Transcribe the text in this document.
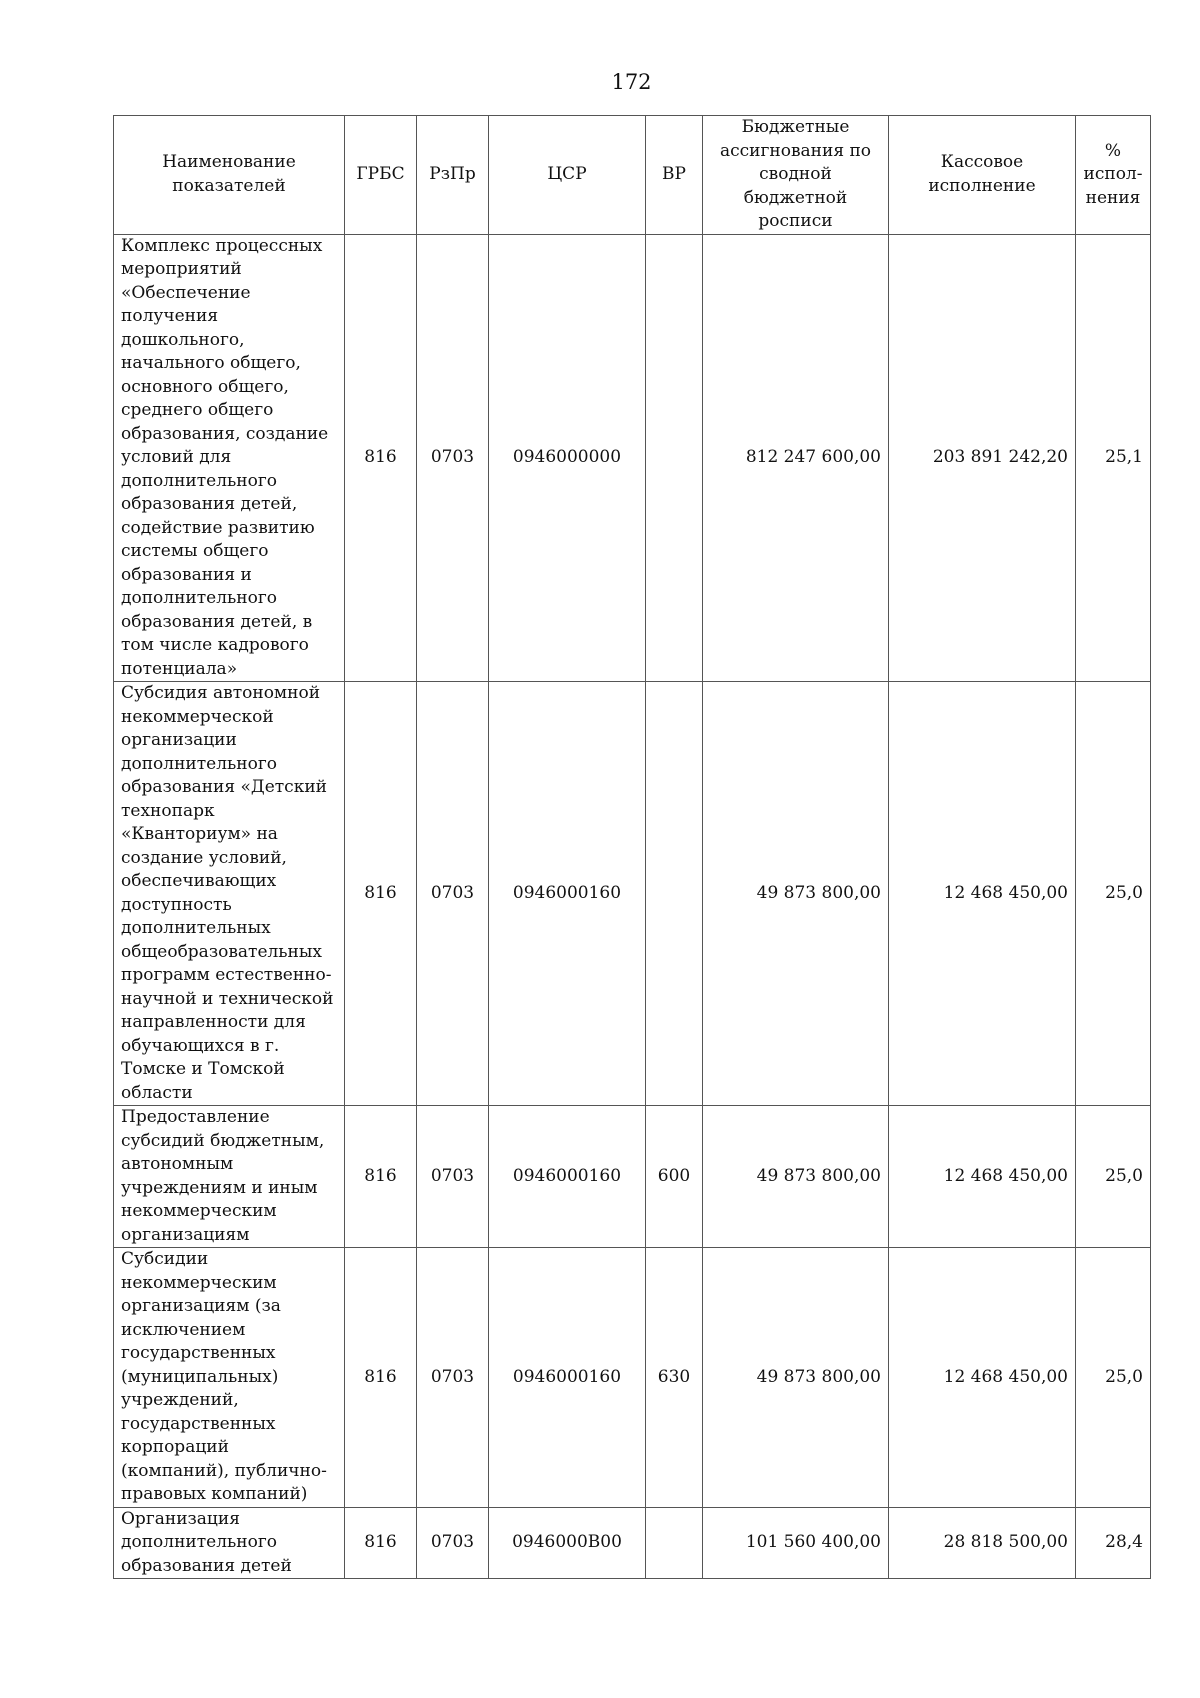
172
Наименование показателей	ГРБС	РзПр	ЦСР	ВР	Бюджетные ассигнования по сводной бюджетной росписи	Кассовое исполнение	% испол-нения
Комплекс процессных мероприятий «Обеспечение получения дошкольного, начального общего, основного общего, среднего общего образования, создание условий для дополнительного образования детей, содействие развитию системы общего образования и дополнительного образования детей, в том числе кадрового потенциала»	816	0703	0946000000		812 247 600,00	203 891 242,20	25,1
Субсидия автономной некоммерческой организации дополнительного образования «Детский технопарк «Кванториум» на создание условий, обеспечивающих доступность дополнительных общеобразовательных программ естественно-научной и технической направленности для обучающихся в г. Томске и Томской области	816	0703	0946000160		49 873 800,00	12 468 450,00	25,0
Предоставление субсидий бюджетным, автономным учреждениям и иным некоммерческим организациям	816	0703	0946000160	600	49 873 800,00	12 468 450,00	25,0
Субсидии некоммерческим организациям (за исключением государственных (муниципальных) учреждений, государственных корпораций (компаний), публично-правовых компаний)	816	0703	0946000160	630	49 873 800,00	12 468 450,00	25,0
Организация дополнительного образования детей	816	0703	0946000B00		101 560 400,00	28 818 500,00	28,4
